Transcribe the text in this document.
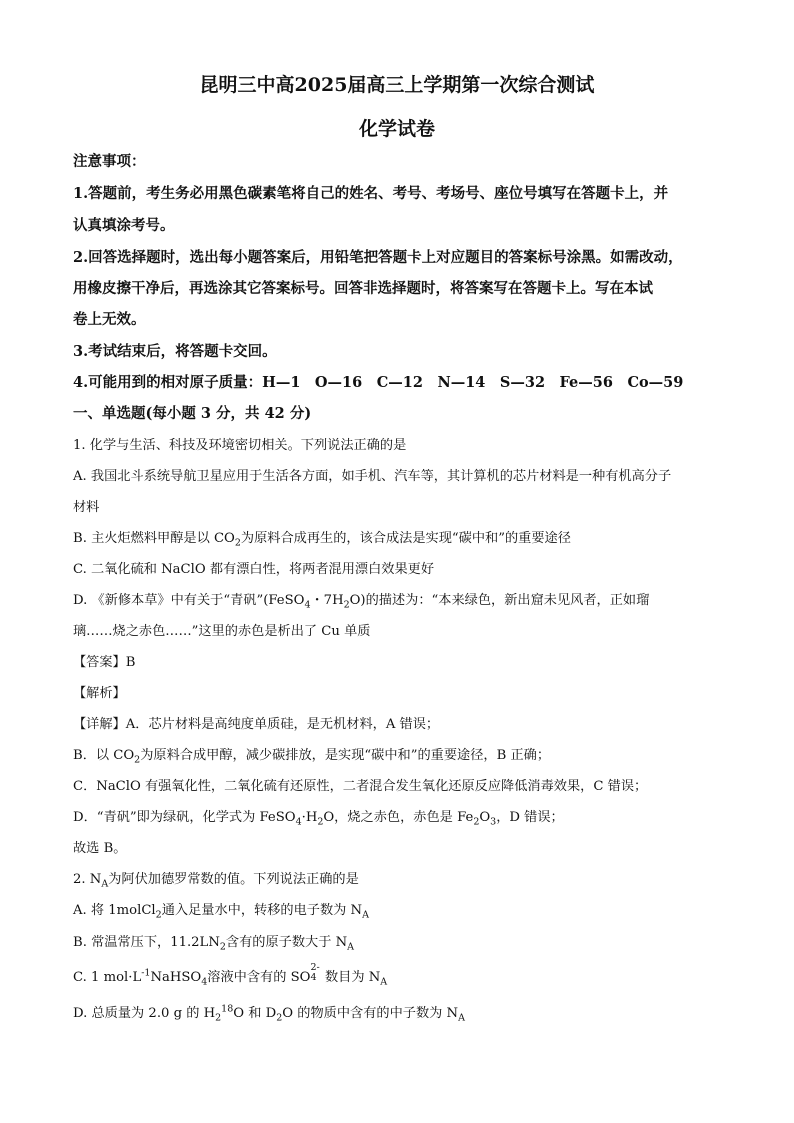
昆明三中高2025届高三上学期第一次综合测试
化学试卷
注意事项：
1.答题前，考生务必用黑色碳素笔将自己的姓名、考号、考场号、座位号填写在答题卡上，并
认真填涂考号。
2.回答选择题时，选出每小题答案后，用铅笔把答题卡上对应题目的答案标号涂黑。如需改动，
用橡皮擦干净后，再选涂其它答案标号。回答非选择题时，将答案写在答题卡上。写在本试
卷上无效。
3.考试结束后，将答题卡交回。
4.可能用到的相对原子质量：H—1　O—16　C—12　N—14　S—32　Fe—56　Co—59
一、单选题(每小题 3 分，共 42 分)
1. 化学与生活、科技及环境密切相关。下列说法正确的是
A. 我国北斗系统导航卫星应用于生活各方面，如手机、汽车等，其计算机的芯片材料是一种有机高分子
材料
B. 主火炬燃料甲醇是以 $CO_2$为原料合成再生的，该合成法是实现“碳中和”的重要途径
C. 二氧化硫和 NaClO 都有漂白性，将两者混用漂白效果更好
D. 《新修本草》中有关于“青矾”(FeSO$_4$・$7H_2O$)的描述为：“本来绿色，新出窟未见风者，正如瑠
璃……烧之赤色……”这里的赤色是析出了 Cu 单质
【答案】B
【解析】
【详解】A．芯片材料是高纯度单质硅，是无机材料，A 错误；
B．以 $CO_2$为原料合成甲醇，减少碳排放，是实现“碳中和”的重要途径，B 正确；
C．NaClO 有强氧化性，二氧化硫有还原性，二者混合发生氧化还原反应降低消毒效果，C 错误；
D．“青矾”即为绿矾，化学式为 $FeSO_4\cdot H_2O$，烧之赤色，赤色是 $Fe_2O_3$，D 错误；
故选 B。
2. $N_A$为阿伏加德罗常数的值。下列说法正确的是
A. 将 1molCl$_2$通入足量水中，转移的电子数为 $N_A$
B. 常温常压下，$11.2LN_2$含有的原子数大于 $N_A$
C. 1 $mol\cdot L^{-1}NaHSO_4$溶液中含有的 SO
2-
4 数目为 $N_A$
D. 总质量为 2.0 g 的 $H_2^{18}O$ 和 $D_2O$ 的物质中含有的中子数为 $N_A$
